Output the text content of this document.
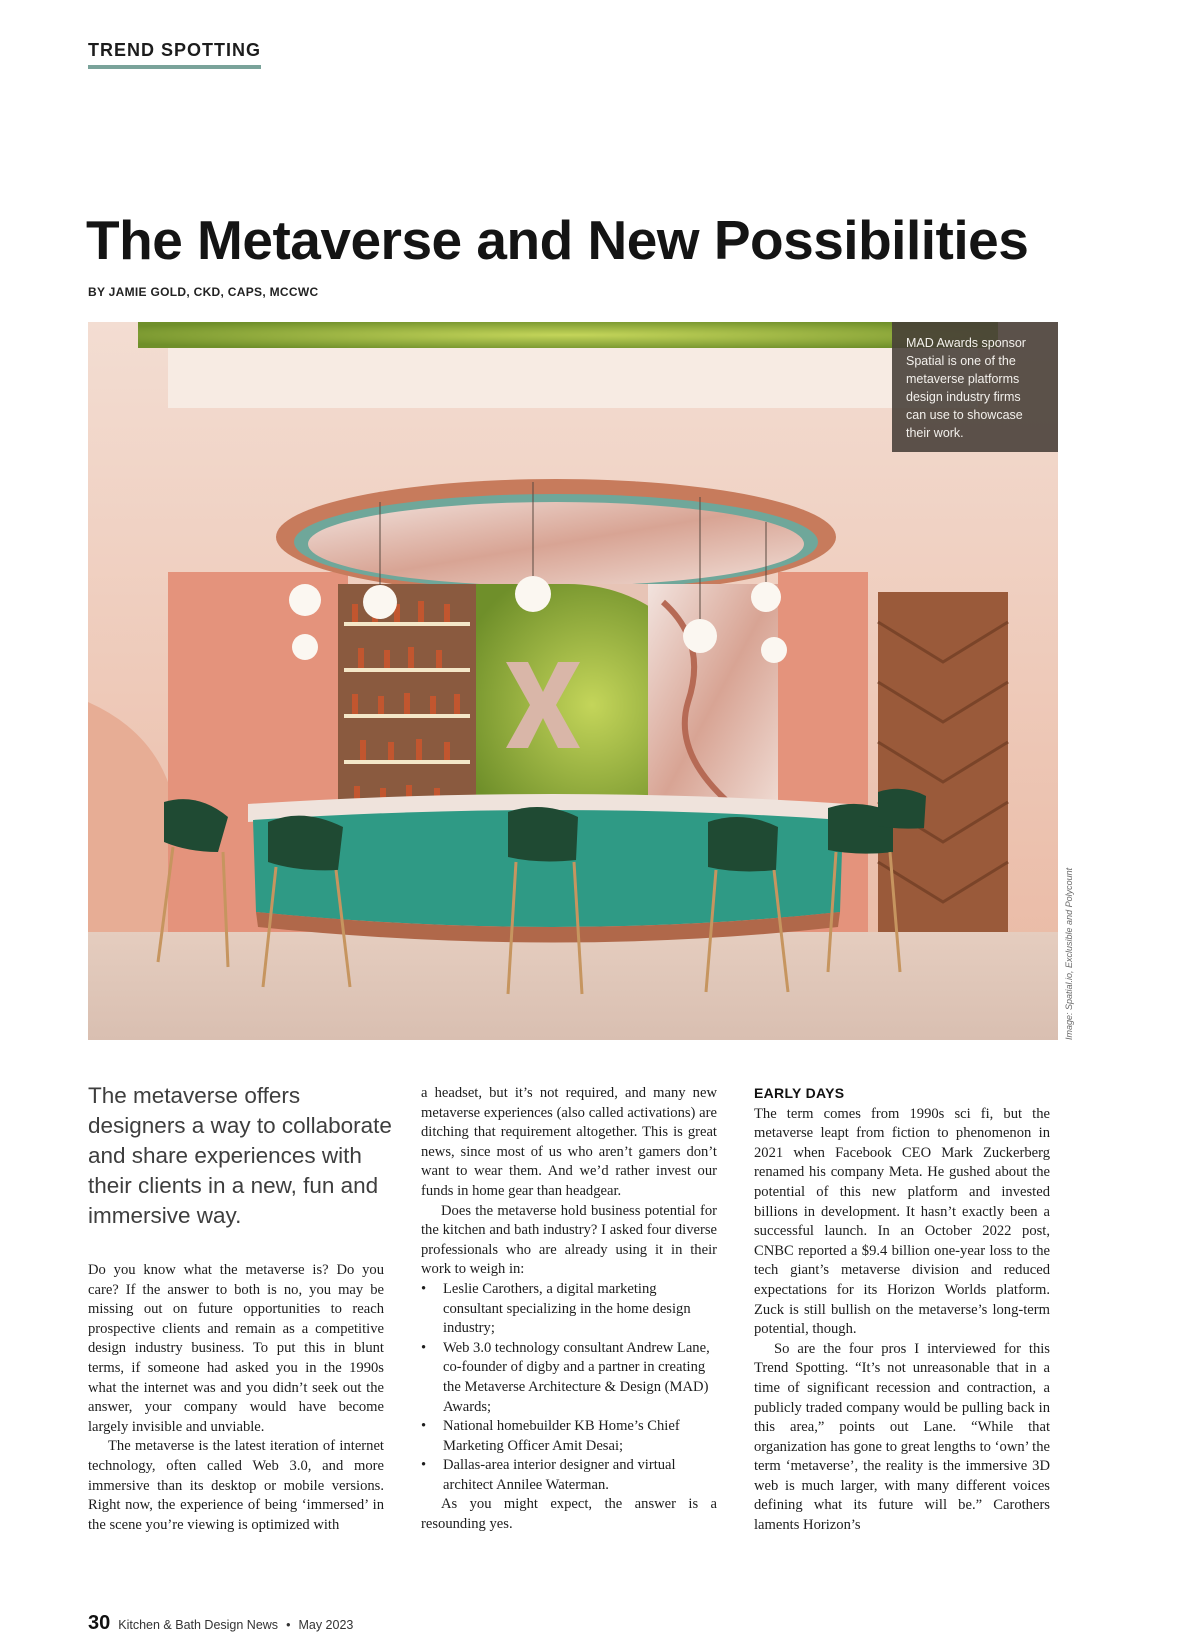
TREND SPOTTING
The Metaverse and New Possibilities
BY JAMIE GOLD, CKD, CAPS, MCCWC
MAD Awards sponsor Spatial is one of the metaverse platforms design industry firms can use to showcase their work.
Image: Spatial.io, Exclusible and Polycount
The metaverse offers designers a way to collaborate and share experiences with their clients in a new, fun and immersive way.

Do you know what the metaverse is? Do you care? If the answer to both is no, you may be missing out on future opportunities to reach prospective clients and remain as a competitive design industry business. To put this in blunt terms, if someone had asked you in the 1990s what the internet was and you didn’t seek out the answer, your company would have become largely invisible and unviable.

The metaverse is the latest iteration of internet technology, often called Web 3.0, and more immersive than its desktop or mobile versions. Right now, the experience of being ‘immersed’ in the scene you’re viewing is optimized with

a headset, but it’s not required, and many new metaverse experiences (also called activations) are ditching that requirement altogether. This is great news, since most of us who aren’t gamers don’t want to wear them. And we’d rather invest our funds in home gear than headgear.

Does the metaverse hold business potential for the kitchen and bath industry? I asked four diverse professionals who are already using it in their work to weigh in:

• Leslie Carothers, a digital marketing consultant specializing in the home design industry;
• Web 3.0 technology consultant Andrew Lane, co-founder of digby and a partner in creating the Metaverse Architecture & Design (MAD) Awards;
• National homebuilder KB Home’s Chief Marketing Officer Amit Desai;
• Dallas-area interior designer and virtual architect Annilee Waterman.

As you might expect, the answer is a resounding yes.

EARLY DAYS

The term comes from 1990s sci fi, but the metaverse leapt from fiction to phenomenon in 2021 when Facebook CEO Mark Zuckerberg renamed his company Meta. He gushed about the potential of this new platform and invested billions in development. It hasn’t exactly been a successful launch. In an October 2022 post, CNBC reported a $9.4 billion one-year loss to the tech giant’s metaverse division and reduced expectations for its Horizon Worlds platform. Zuck is still bullish on the metaverse’s long-term potential, though.

So are the four pros I interviewed for this Trend Spotting. “It’s not unreasonable that in a time of significant recession and contraction, a publicly traded company would be pulling back in this area,” points out Lane. “While that organization has gone to great lengths to ‘own’ the term ‘metaverse’, the reality is the immersive 3D web is much larger, with many different voices defining what its future will be.” Carothers laments Horizon’s

30 Kitchen & Bath Design News • May 2023
